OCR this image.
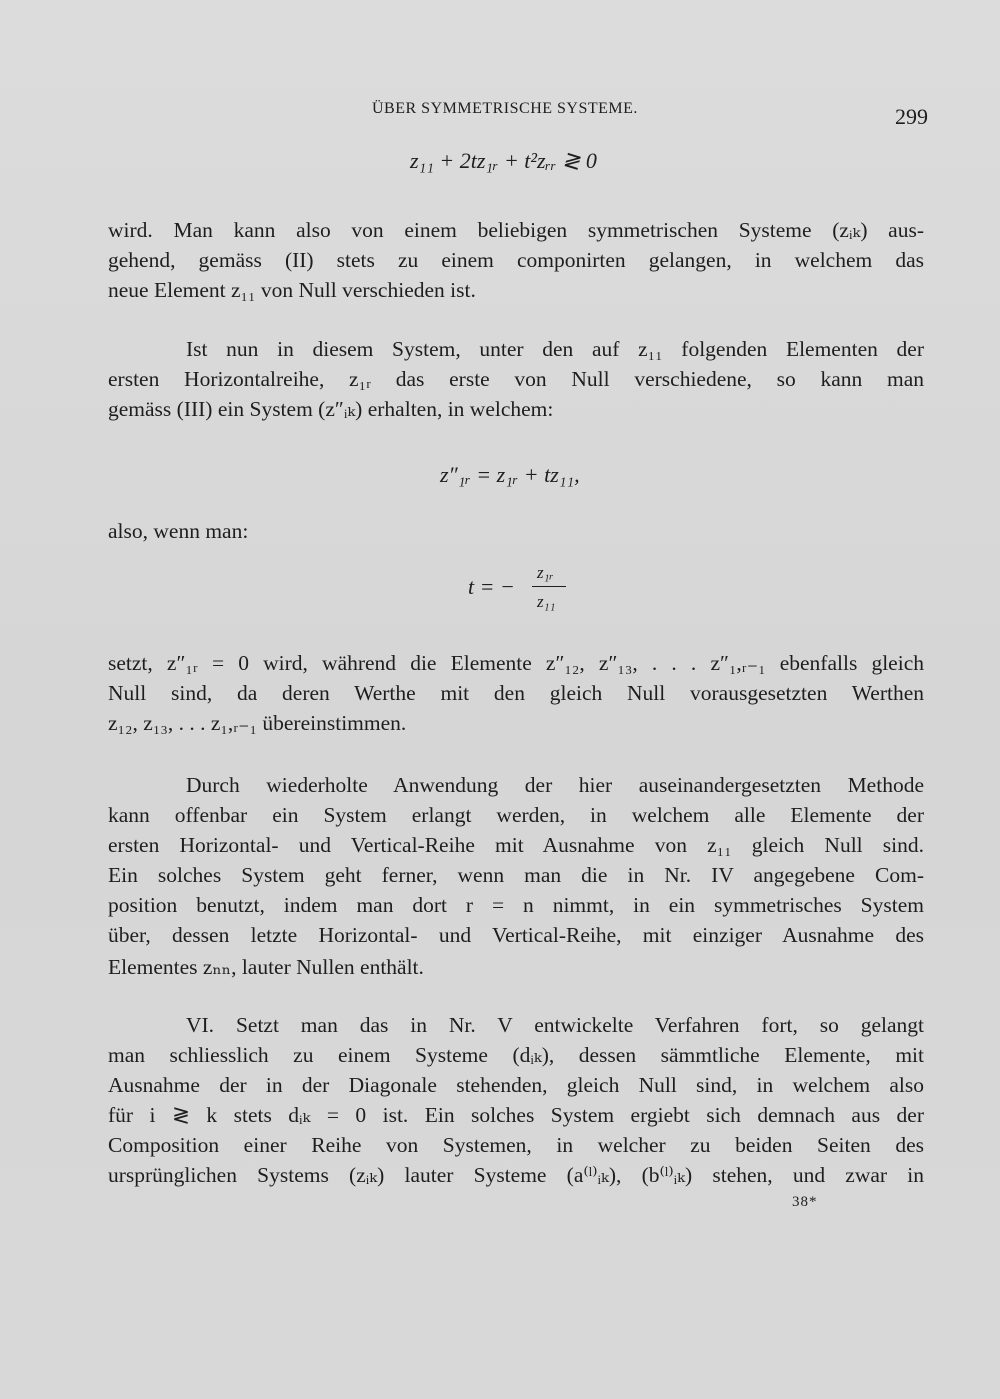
ÜBER SYMMETRISCHE SYSTEME.	299
z₁₁ + 2tz₁ᵣ + t²zᵣᵣ ≷ 0
wird. Man kann also von einem beliebigen symmetrischen Systeme (zᵢₖ) aus-
gehend, gemäss (II) stets zu einem componirten gelangen, in welchem das
neue Element z₁₁ von Null verschieden ist.
Ist nun in diesem System, unter den auf z₁₁ folgenden Elementen der
ersten Horizontalreihe, z₁ᵣ das erste von Null verschiedene, so kann man
gemäss (III) ein System (z″ᵢₖ) erhalten, in welchem:
z″₁ᵣ = z₁ᵣ + tz₁₁,
also, wenn man:
t = −
z₁ᵣ
z₁₁
setzt, z″₁ᵣ = 0 wird, während die Elemente z″₁₂, z″₁₃, . . . z″₁,ᵣ₋₁ ebenfalls gleich
Null sind, da deren Werthe mit den gleich Null vorausgesetzten Werthen
z₁₂, z₁₃, . . . z₁,ᵣ₋₁ übereinstimmen.
Durch wiederholte Anwendung der hier auseinandergesetzten Methode
kann offenbar ein System erlangt werden, in welchem alle Elemente der
ersten Horizontal- und Vertical-Reihe mit Ausnahme von z₁₁ gleich Null sind.
Ein solches System geht ferner, wenn man die in Nr. IV angegebene Com-
position benutzt, indem man dort r = n nimmt, in ein symmetrisches System
über, dessen letzte Horizontal- und Vertical-Reihe, mit einziger Ausnahme des
Elementes zₙₙ, lauter Nullen enthält.
VI. Setzt man das in Nr. V entwickelte Verfahren fort, so gelangt
man schliesslich zu einem Systeme (dᵢₖ), dessen sämmtliche Elemente, mit
Ausnahme der in der Diagonale stehenden, gleich Null sind, in welchem also
für i ≷ k stets dᵢₖ = 0 ist. Ein solches System ergiebt sich demnach aus der
Composition einer Reihe von Systemen, in welcher zu beiden Seiten des
ursprünglichen Systems (zᵢₖ) lauter Systeme (a⁽ˡ⁾ᵢₖ), (b⁽ˡ⁾ᵢₖ) stehen, und zwar in
38*
